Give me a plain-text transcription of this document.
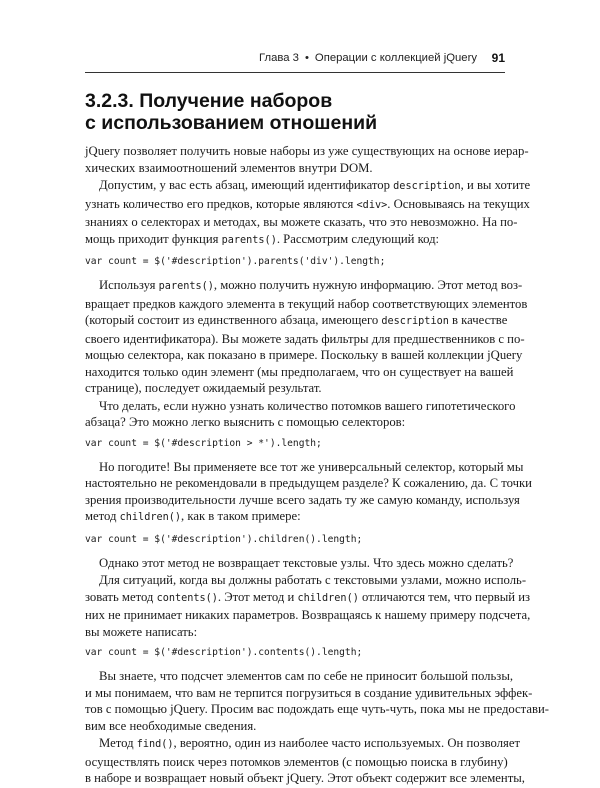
Глава 3 • Операции с коллекцией jQuery 91
3.2.3. Получение наборов
с использованием отношений
jQuery позволяет получить новые наборы из уже существующих на основе иерар-
хических взаимоотношений элементов внутри DOM.
Допустим, у вас есть абзац, имеющий идентификатор description, и вы хотите
узнать количество его предков, которые являются <div>. Основываясь на текущих
знаниях о селекторах и методах, вы можете сказать, что это невозможно. На по-
мощь приходит функция parents(). Рассмотрим следующий код:
var count = $('#description').parents('div').length;
Используя parents(), можно получить нужную информацию. Этот метод воз-
вращает предков каждого элемента в текущий набор соответствующих элементов
(который состоит из единственного абзаца, имеющего description в качестве
своего идентификатора). Вы можете задать фильтры для предшественников с по-
мощью селектора, как показано в примере. Поскольку в вашей коллекции jQuery
находится только один элемент (мы предполагаем, что он существует на вашей
странице), последует ожидаемый результат.
Что делать, если нужно узнать количество потомков вашего гипотетического
абзаца? Это можно легко выяснить с помощью селекторов:
var count = $('#description > *').length;
Но погодите! Вы применяете все тот же универсальный селектор, который мы
настоятельно не рекомендовали в предыдущем разделе? К сожалению, да. С точки
зрения производительности лучше всего задать ту же самую команду, используя
метод children(), как в таком примере:
var count = $('#description').children().length;
Однако этот метод не возвращает текстовые узлы. Что здесь можно сделать?
Для ситуаций, когда вы должны работать с текстовыми узлами, можно исполь-
зовать метод contents(). Этот метод и children() отличаются тем, что первый из
них не принимает никаких параметров. Возвращаясь к нашему примеру подсчета,
вы можете написать:
var count = $('#description').contents().length;
Вы знаете, что подсчет элементов сам по себе не приносит большой пользы,
и мы понимаем, что вам не терпится погрузиться в создание удивительных эффек-
тов с помощью jQuery. Просим вас подождать еще чуть-чуть, пока мы не предостави-
вим все необходимые сведения.
Метод find(), вероятно, один из наиболее часто используемых. Он позволяет
осуществлять поиск через потомков элементов (с помощью поиска в глубину)
в наборе и возвращает новый объект jQuery. Этот объект содержит все элементы,
